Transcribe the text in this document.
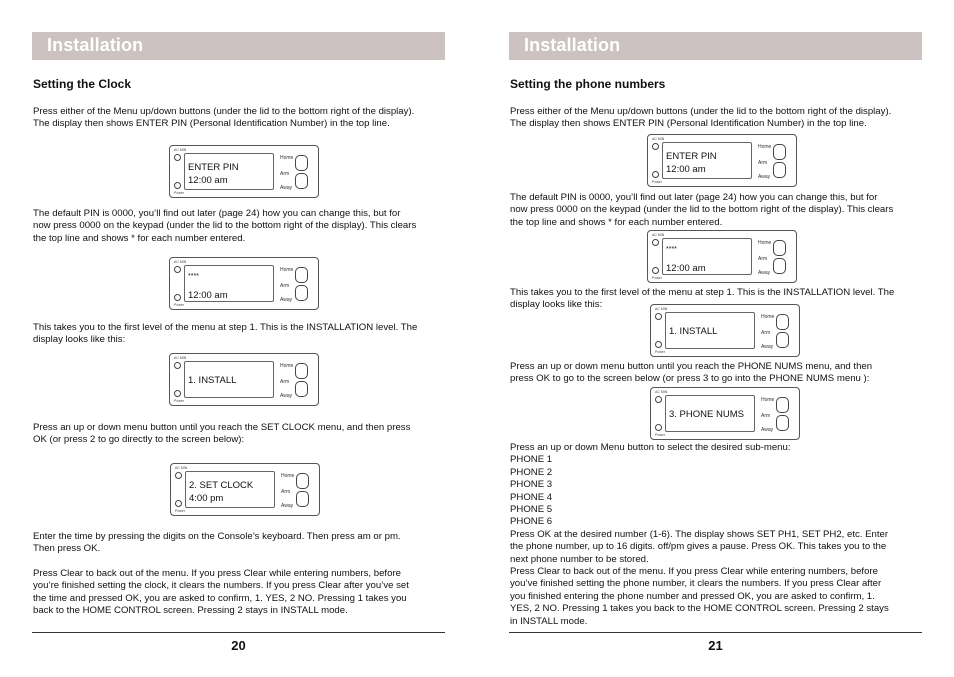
Installation
Setting the Clock
Press either of the Menu up/down buttons (under the lid to the bottom right of the display).
The display then shows ENTER PIN (Personal Identification Number) in the top line.
AC MIN
Power
ENTER PIN
12:00 am
Home
Arm
Away
The default PIN is 0000, you’ll find out later (page 24) how you can change this, but for
now press 0000 on the keypad (under the lid to the bottom right of the display). This clears
the top line and shows * for each number entered.
AC MIN
Power
****
12:00 am
Home
Arm
Away
This takes you to the first level of the menu at step 1. This is the INSTALLATION level. The
display looks like this:
AC MIN
Power
1. INSTALL
Home
Arm
Away
Press an up or down menu button until you reach the SET CLOCK menu, and then press
OK (or press 2 to go directly to the screen below):
AC MIN
Power
2. SET CLOCK
4:00 pm
Home
Arm
Away
Enter the time by pressing the digits on the Console’s keyboard. Then press am or pm.
Then press OK.
Press Clear to back out of the menu. If you press Clear while entering numbers, before
you’re finished setting the clock, it clears the numbers. If you press Clear after you’ve set
the time and pressed OK, you are asked to confirm, 1. YES, 2 NO. Pressing 1 takes you
back to the HOME CONTROL screen. Pressing 2 stays in INSTALL mode.
20
Installation
Setting the phone numbers
Press either of the Menu up/down buttons (under the lid to the bottom right of the display).
The display then shows ENTER PIN (Personal Identification Number) in the top line.
AC MIN
Power
ENTER PIN
12:00 am
Home
Arm
Away
The default PIN is 0000, you’ll find out later (page 24) how you can change this, but for
now press 0000 on the keypad (under the lid to the bottom right of the display). This clears
the top line and shows * for each number entered.
AC MIN
Power
****
12:00 am
Home
Arm
Away
This takes you to the first level of the menu at step 1. This is the INSTALLATION level. The
display looks like this:	AC MIN
Power
1. INSTALL
Home
Arm
Away
Press an up or down menu button until you reach the PHONE NUMS menu, and then
press OK to go to the screen below (or press 3 to go into the PHONE NUMS menu ):
AC MIN
Power
3. PHONE NUMS
Home
Arm
Away
Press an up or down Menu button to select the desired sub-menu:
PHONE 1
PHONE 2
PHONE 3
PHONE 4
PHONE 5
PHONE 6
Press OK at the desired number (1-6). The display shows SET PH1, SET PH2, etc. Enter
the phone number, up to 16 digits. off/pm gives a pause. Press OK. This takes you to the
next phone number to be stored.
Press Clear to back out of the menu. If you press Clear while entering numbers, before
you’ve finished setting the phone number, it clears the numbers. If you press Clear after
you finished entering the phone number and pressed OK, you are asked to confirm, 1.
YES, 2 NO. Pressing 1 takes you back to the HOME CONTROL screen. Pressing 2 stays
in INSTALL mode.
21
